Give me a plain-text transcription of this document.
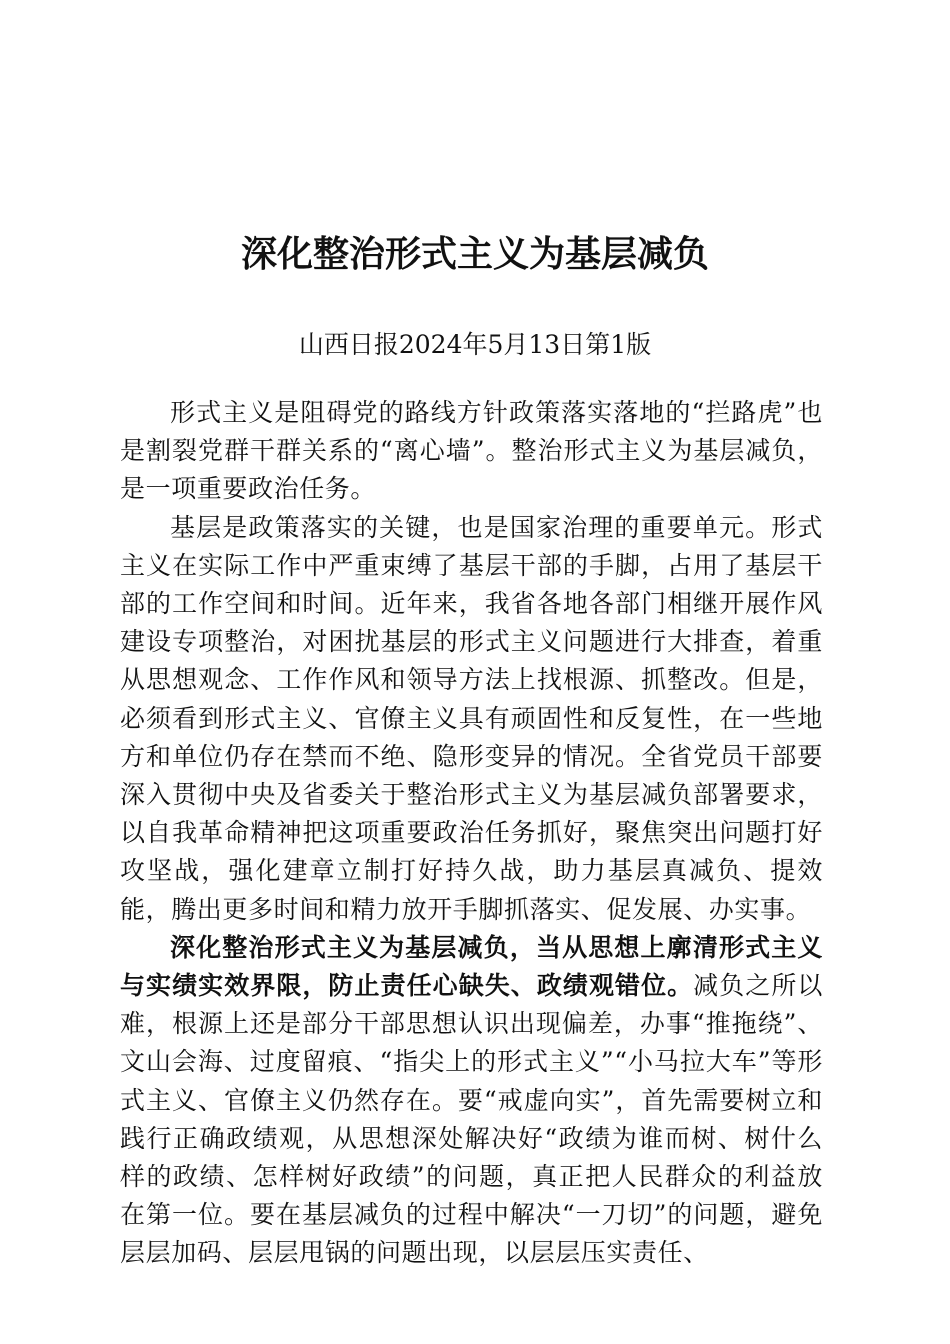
深化整治形式主义为基层减负

山西日报2024年5月13日第1版

形式主义是阻碍党的路线方针政策落实落地的“拦路虎”也是割裂党群干群关系的“离心墙”。整治形式主义为基层减负，是一项重要政治任务。

基层是政策落实的关键，也是国家治理的重要单元。形式主义在实际工作中严重束缚了基层干部的手脚，占用了基层干部的工作空间和时间。近年来，我省各地各部门相继开展作风建设专项整治，对困扰基层的形式主义问题进行大排查，着重从思想观念、工作作风和领导方法上找根源、抓整改。但是，必须看到形式主义、官僚主义具有顽固性和反复性，在一些地方和单位仍存在禁而不绝、隐形变异的情况。全省党员干部要深入贯彻中央及省委关于整治形式主义为基层减负部署要求，以自我革命精神把这项重要政治任务抓好，聚焦突出问题打好攻坚战，强化建章立制打好持久战，助力基层真减负、提效能，腾出更多时间和精力放开手脚抓落实、促发展、办实事。

深化整治形式主义为基层减负，当从思想上廓清形式主义与实绩实效界限，防止责任心缺失、政绩观错位。减负之所以难，根源上还是部分干部思想认识出现偏差，办事“推拖绕”、文山会海、过度留痕、“指尖上的形式主义”“小马拉大车”等形式主义、官僚主义仍然存在。要“戒虚向实”，首先需要树立和践行正确政绩观，从思想深处解决好“政绩为谁而树、树什么样的政绩、怎样树好政绩”的问题，真正把人民群众的利益放在第一位。要在基层减负的过程中解决“一刀切”的问题，避免层层加码、层层甩锅的问题出现，以层层压实责任、
